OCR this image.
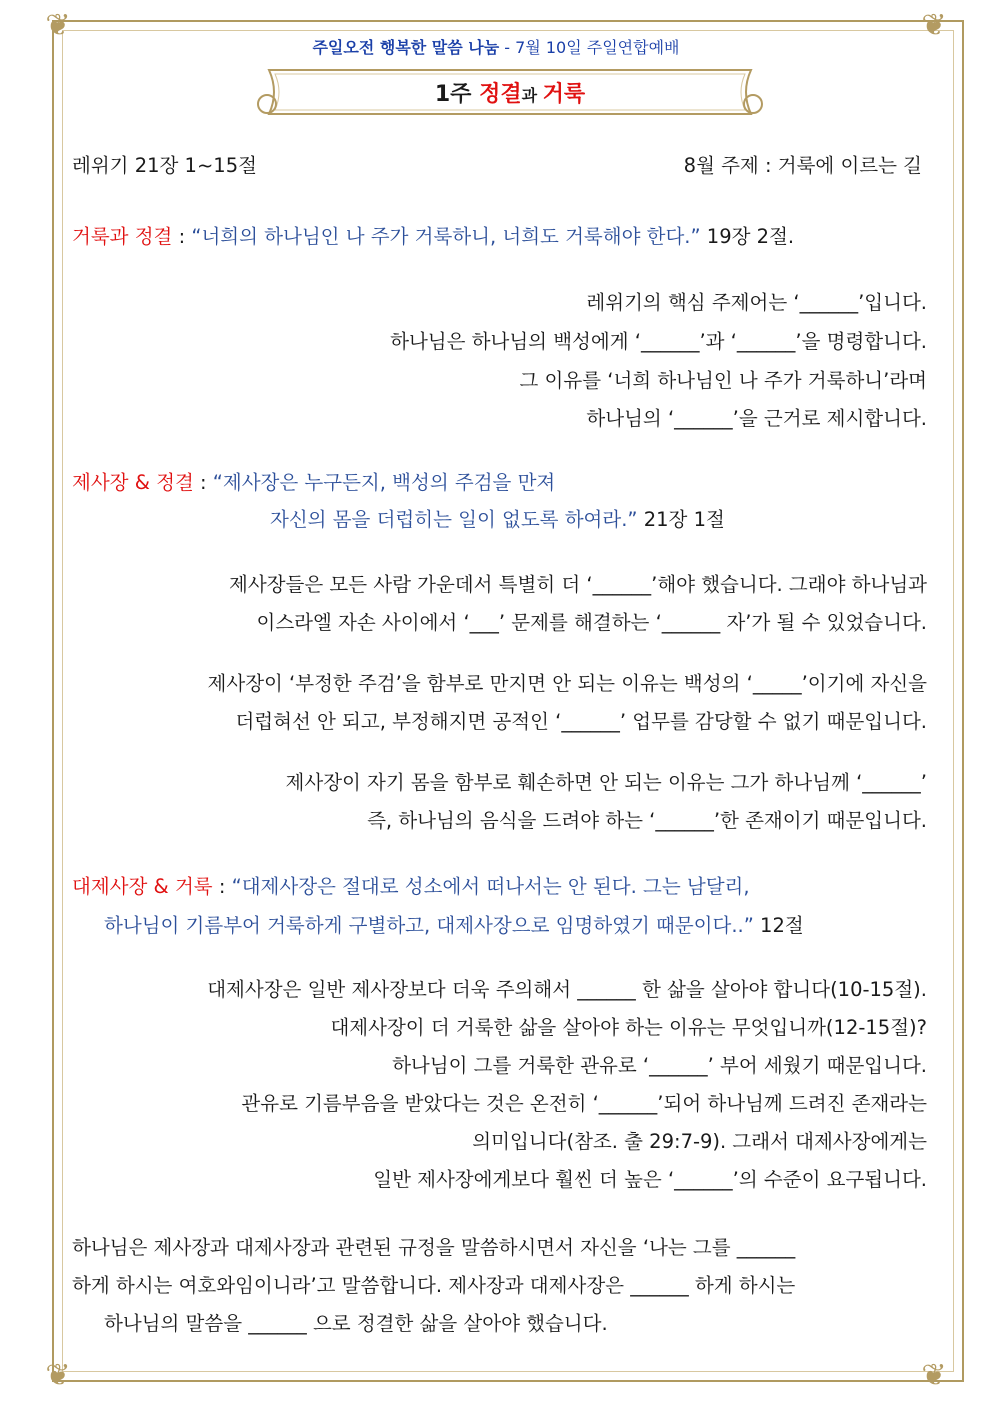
❦	❦
❦	❦
주일오전 행복한 말씀 나눔 - 7월 10일 주일연합예배
1주 정결과 거룩
레위기 21장 1~15절	8월 주제 : 거룩에 이르는 길
거룩과 정결 : “너희의 하나님인 나 주가 거룩하니, 너희도 거룩해야 한다.” 19장 2절.
레위기의 핵심 주제어는 ‘______’입니다.
하나님은 하나님의 백성에게 ‘______’과 ‘______’을 명령합니다.
그 이유를 ‘너희 하나님인 나 주가 거룩하니’라며
하나님의 ‘______’을 근거로 제시합니다.
제사장 & 정결 : “제사장은 누구든지, 백성의 주검을 만져
자신의 몸을 더럽히는 일이 없도록 하여라.” 21장 1절
제사장들은 모든 사람 가운데서 특별히 더 ‘______’해야 했습니다. 그래야 하나님과
이스라엘 자손 사이에서 ‘___’ 문제를 해결하는 ‘______ 자’가 될 수 있었습니다.
제사장이 ‘부정한 주검’을 함부로 만지면 안 되는 이유는 백성의 ‘_____’이기에 자신을
더럽혀선 안 되고, 부정해지면 공적인 ‘______’ 업무를 감당할 수 없기 때문입니다.
제사장이 자기 몸을 함부로 훼손하면 안 되는 이유는 그가 하나님께 ‘______’
즉, 하나님의 음식을 드려야 하는 ‘______’한 존재이기 때문입니다.
대제사장 & 거룩 : “대제사장은 절대로 성소에서 떠나서는 안 된다. 그는 남달리,
하나님이 기름부어 거룩하게 구별하고, 대제사장으로 임명하였기 때문이다..” 12절
대제사장은 일반 제사장보다 더욱 주의해서 ______ 한 삶을 살아야 합니다(10-15절).
대제사장이 더 거룩한 삶을 살아야 하는 이유는 무엇입니까(12-15절)?
하나님이 그를 거룩한 관유로 ‘______’ 부어 세웠기 때문입니다.
관유로 기름부음을 받았다는 것은 온전히 ‘______’되어 하나님께 드려진 존재라는
의미입니다(참조. 출 29:7-9). 그래서 대제사장에게는
일반 제사장에게보다 훨씬 더 높은 ‘______’의 수준이 요구됩니다.
하나님은 제사장과 대제사장과 관련된 규정을 말씀하시면서 자신을 ‘나는 그를 ______
하게 하시는 여호와임이니라’고 말씀합니다. 제사장과 대제사장은 ______ 하게 하시는
하나님의 말씀을 ______ 으로 정결한 삶을 살아야 했습니다.
